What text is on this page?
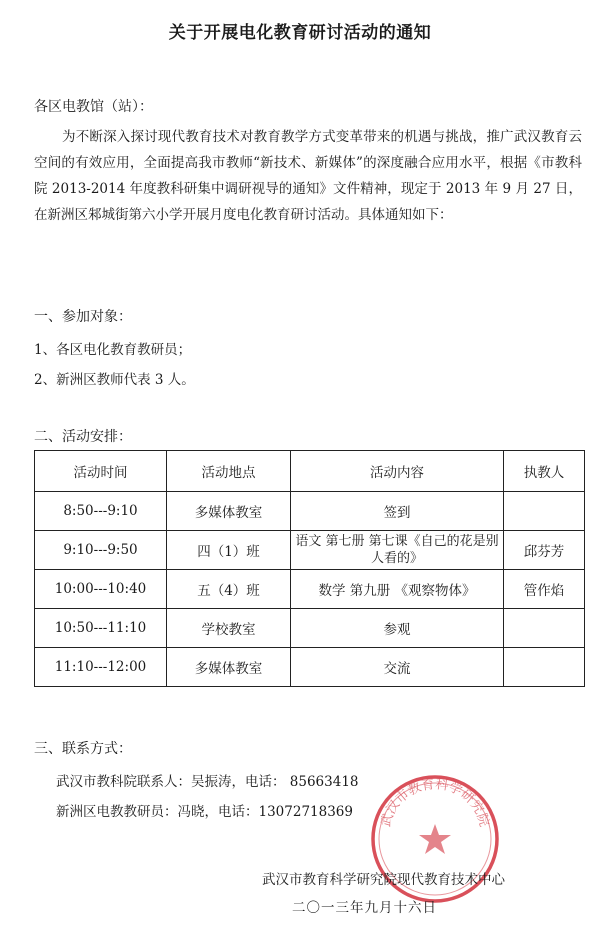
关于开展电化教育研讨活动的通知
各区电教馆（站）：
为不断深入探讨现代教育技术对教育教学方式变革带来的机遇与挑战，推广武汉教育云空间的有效应用，全面提高我市教师“新技术、新媒体”的深度融合应用水平，根据《市教科院 2013-2014 年度教科研集中调研视导的通知》文件精神，现定于 2013 年 9 月 27 日，在新洲区邾城街第六小学开展月度电化教育研讨活动。具体通知如下：
一、参加对象：
1、各区电化教育教研员；
2、新洲区教师代表 3 人。
二、活动安排：
活动时间	活动地点	活动内容	执教人
8:50---9:10	多媒体教室	签到	
9:10---9:50	四（1）班	语文 第七册 第七课《自己的花是别人看的》	邱芬芳
10:00---10:40	五（4）班	数学 第九册 《观察物体》	管作焰
10:50---11:10	学校教室	参观	
11:10---12:00	多媒体教室	交流	
三、联系方式：
武汉市教科院联系人：吴振涛，电话： 85663418
新洲区电教教研员：冯晓，电话：13072718369 武汉市教育科学研究院
武汉市教育科学研究院现代教育技术中心
二〇一三年九月十六日
